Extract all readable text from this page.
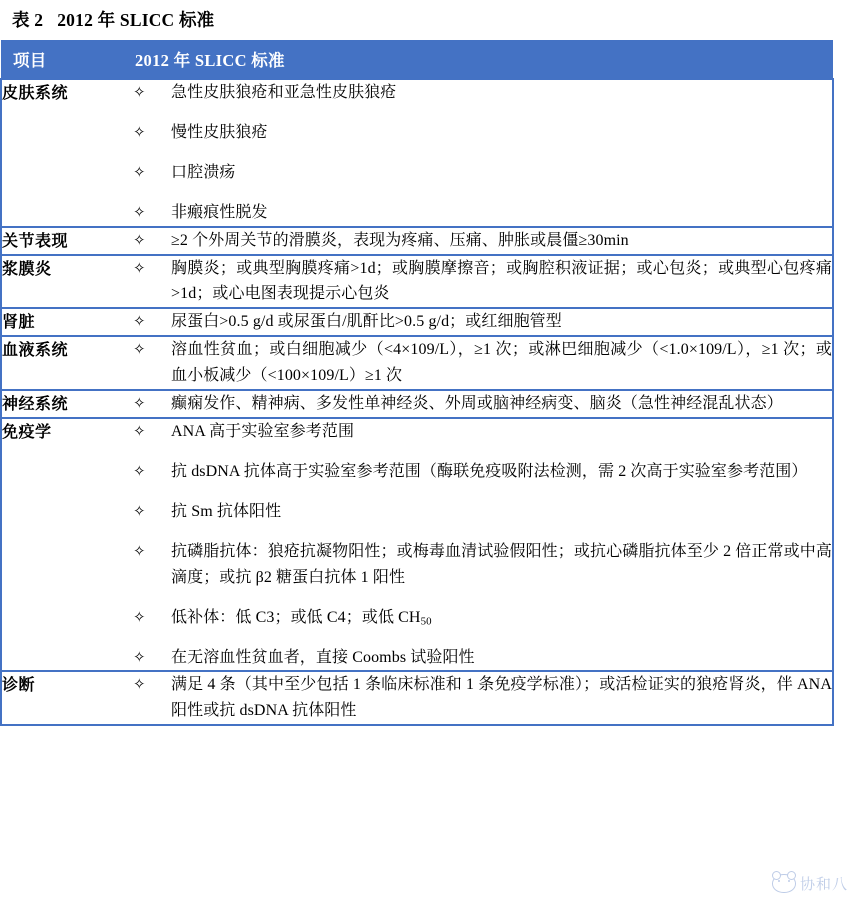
表 2 2012 年 SLICC 标准
项目	2012 年 SLICC 标准
皮肤系统	✧	急性皮肤狼疮和亚急性皮肤狼疮
✧	慢性皮肤狼疮
✧	口腔溃疡
✧	非瘢痕性脱发

关节表现	✧	≥2 个外周关节的滑膜炎，表现为疼痛、压痛、肿胀或晨僵≥30min

浆膜炎	✧	胸膜炎；或典型胸膜疼痛>1d；或胸膜摩擦音；或胸腔积液证据；或心包炎；或典型心包疼痛>1d；或心电图表现提示心包炎

肾脏	✧	尿蛋白>0.5 g/d 或尿蛋白/肌酐比>0.5 g/d；或红细胞管型

血液系统	✧	溶血性贫血；或白细胞减少（<4×109/L），≥1 次；或淋巴细胞减少（<1.0×109/L），≥1 次；或血小板减少（<100×109/L）≥1 次

神经系统	✧	癫痫发作、精神病、多发性单神经炎、外周或脑神经病变、脑炎（急性神经混乱状态）

免疫学	✧	ANA 高于实验室参考范围
✧	抗 dsDNA 抗体高于实验室参考范围（酶联免疫吸附法检测，需 2 次高于实验室参考范围）
✧	抗 Sm 抗体阳性
✧	抗磷脂抗体：狼疮抗凝物阳性；或梅毒血清试验假阳性；或抗心磷脂抗体至少 2 倍正常或中高滴度；或抗 β2 糖蛋白抗体 1 阳性
✧	低补体：低 C3；或低 C4；或低 $CH_{50}$
✧	在无溶血性贫血者，直接 Coombs 试验阳性

诊断	✧	满足 4 条（其中至少包括 1 条临床标准和 1 条免疫学标准）；或活检证实的狼疮肾炎，伴 ANA 阳性或抗 dsDNA 抗体阳性
协和八
